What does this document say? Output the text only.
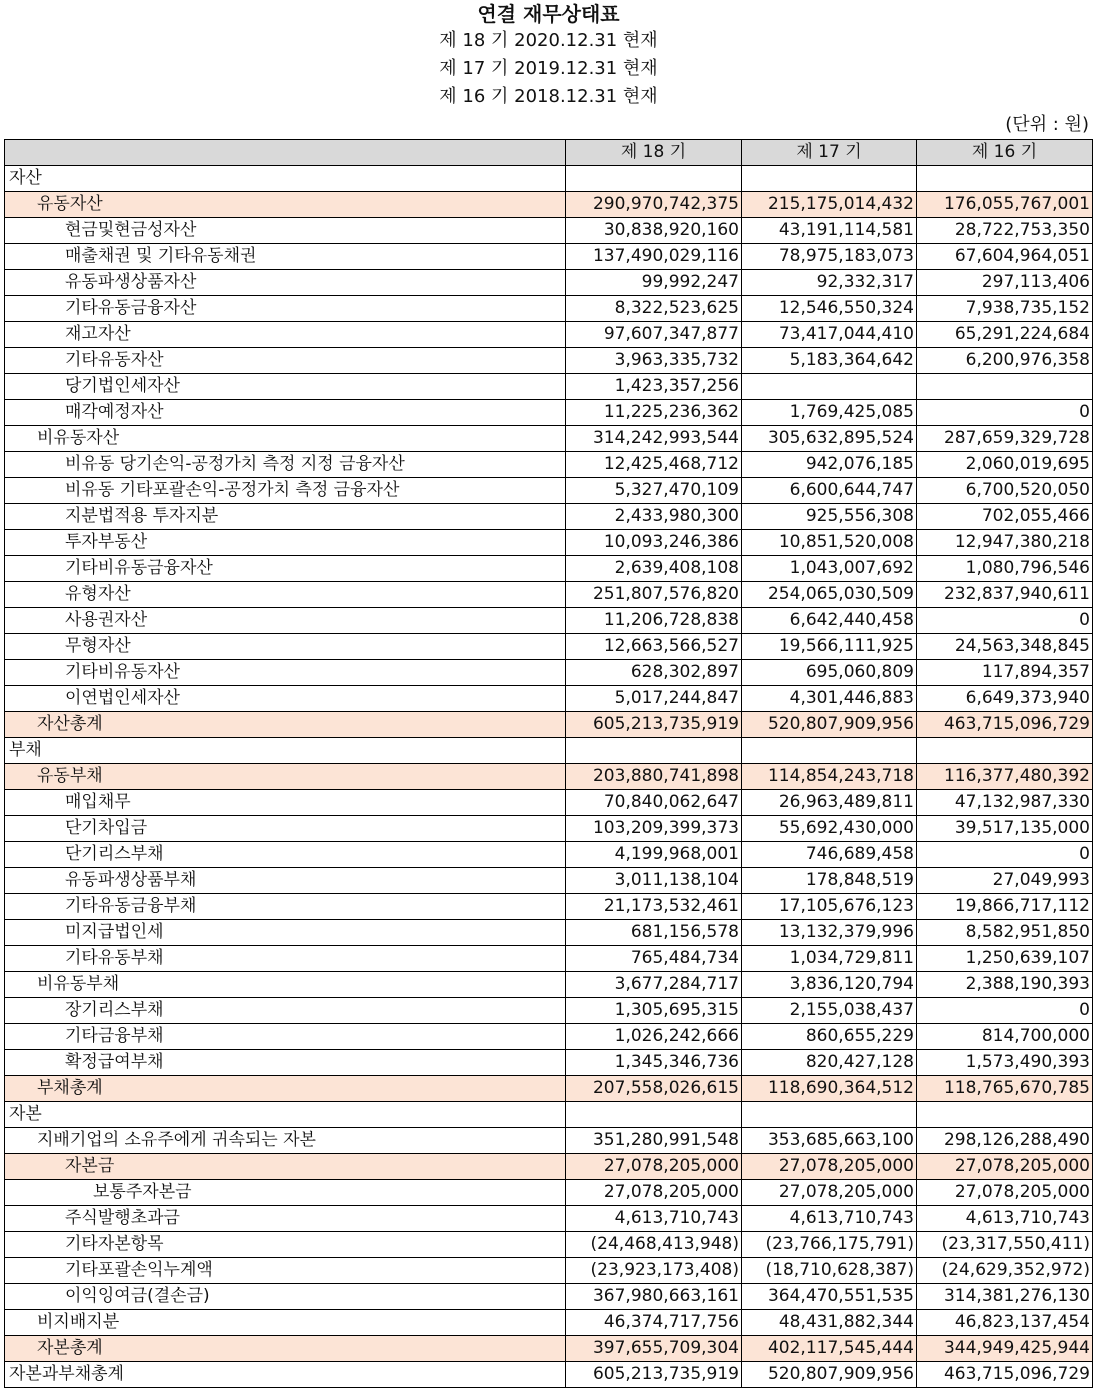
연결 재무상태표
제 18 기 2020.12.31 현재
제 17 기 2019.12.31 현재
제 16 기 2018.12.31 현재
(단위 : 원)
	제 18 기	제 17 기	제 16 기
자산			
유동자산	290,970,742,375	215,175,014,432	176,055,767,001
현금및현금성자산	30,838,920,160	43,191,114,581	28,722,753,350
매출채권 및 기타유동채권	137,490,029,116	78,975,183,073	67,604,964,051
유동파생상품자산	99,992,247	92,332,317	297,113,406
기타유동금융자산	8,322,523,625	12,546,550,324	7,938,735,152
재고자산	97,607,347,877	73,417,044,410	65,291,224,684
기타유동자산	3,963,335,732	5,183,364,642	6,200,976,358
당기법인세자산	1,423,357,256		
매각예정자산	11,225,236,362	1,769,425,085	0
비유동자산	314,242,993,544	305,632,895,524	287,659,329,728
비유동 당기손익-공정가치 측정 지정 금융자산	12,425,468,712	942,076,185	2,060,019,695
비유동 기타포괄손익-공정가치 측정 금융자산	5,327,470,109	6,600,644,747	6,700,520,050
지분법적용 투자지분	2,433,980,300	925,556,308	702,055,466
투자부동산	10,093,246,386	10,851,520,008	12,947,380,218
기타비유동금융자산	2,639,408,108	1,043,007,692	1,080,796,546
유형자산	251,807,576,820	254,065,030,509	232,837,940,611
사용권자산	11,206,728,838	6,642,440,458	0
무형자산	12,663,566,527	19,566,111,925	24,563,348,845
기타비유동자산	628,302,897	695,060,809	117,894,357
이연법인세자산	5,017,244,847	4,301,446,883	6,649,373,940
자산총계	605,213,735,919	520,807,909,956	463,715,096,729
부채			
유동부채	203,880,741,898	114,854,243,718	116,377,480,392
매입채무	70,840,062,647	26,963,489,811	47,132,987,330
단기차입금	103,209,399,373	55,692,430,000	39,517,135,000
단기리스부채	4,199,968,001	746,689,458	0
유동파생상품부채	3,011,138,104	178,848,519	27,049,993
기타유동금융부채	21,173,532,461	17,105,676,123	19,866,717,112
미지급법인세	681,156,578	13,132,379,996	8,582,951,850
기타유동부채	765,484,734	1,034,729,811	1,250,639,107
비유동부채	3,677,284,717	3,836,120,794	2,388,190,393
장기리스부채	1,305,695,315	2,155,038,437	0
기타금융부채	1,026,242,666	860,655,229	814,700,000
확정급여부채	1,345,346,736	820,427,128	1,573,490,393
부채총계	207,558,026,615	118,690,364,512	118,765,670,785
자본			
지배기업의 소유주에게 귀속되는 자본	351,280,991,548	353,685,663,100	298,126,288,490
자본금	27,078,205,000	27,078,205,000	27,078,205,000
보통주자본금	27,078,205,000	27,078,205,000	27,078,205,000
주식발행초과금	4,613,710,743	4,613,710,743	4,613,710,743
기타자본항목	(24,468,413,948)	(23,766,175,791)	(23,317,550,411)
기타포괄손익누계액	(23,923,173,408)	(18,710,628,387)	(24,629,352,972)
이익잉여금(결손금)	367,980,663,161	364,470,551,535	314,381,276,130
비지배지분	46,374,717,756	48,431,882,344	46,823,137,454
자본총계	397,655,709,304	402,117,545,444	344,949,425,944
자본과부채총계	605,213,735,919	520,807,909,956	463,715,096,729
